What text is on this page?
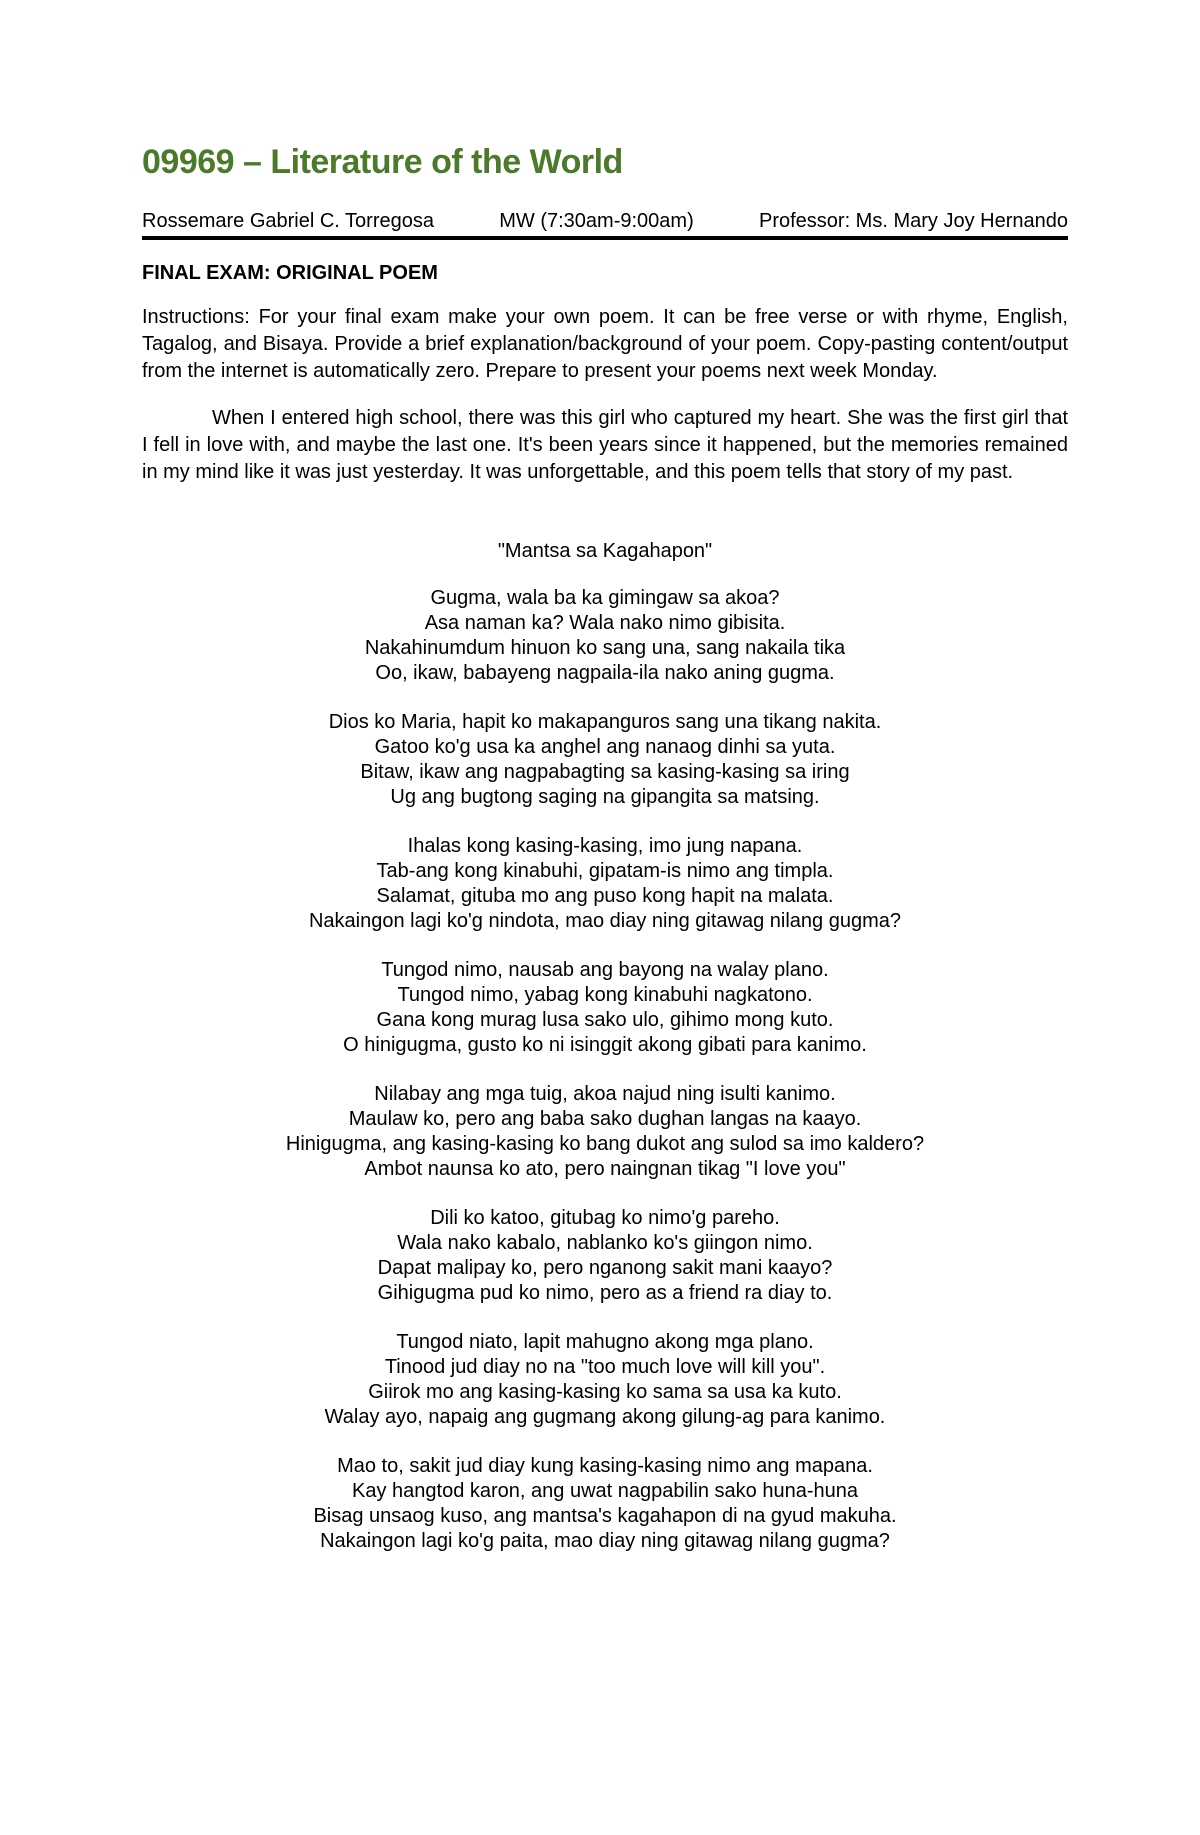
09969 – Literature of the World
Rossemare Gabriel C. Torregosa	MW (7:30am-9:00am)	Professor: Ms. Mary Joy Hernando
FINAL EXAM: ORIGINAL POEM

Instructions: For your final exam make your own poem. It can be free verse or with rhyme, English, Tagalog, and Bisaya. Provide a brief explanation/background of your poem. Copy-pasting content/output from the internet is automatically zero. Prepare to present your poems next week Monday.

When I entered high school, there was this girl who captured my heart. She was the first girl that I fell in love with, and maybe the last one. It's been years since it happened, but the memories remained in my mind like it was just yesterday. It was unforgettable, and this poem tells that story of my past.

"Mantsa sa Kagahapon"
Gugma, wala ba ka gimingaw sa akoa?
Asa naman ka? Wala nako nimo gibisita.
Nakahinumdum hinuon ko sang una, sang nakaila tika
Oo, ikaw, babayeng nagpaila-ila nako aning gugma.
Dios ko Maria, hapit ko makapanguros sang una tikang nakita.
Gatoo ko'g usa ka anghel ang nanaog dinhi sa yuta.
Bitaw, ikaw ang nagpabagting sa kasing-kasing sa iring
Ug ang bugtong saging na gipangita sa matsing.
Ihalas kong kasing-kasing, imo jung napana.
Tab-ang kong kinabuhi, gipatam-is nimo ang timpla.
Salamat, gituba mo ang puso kong hapit na malata.
Nakaingon lagi ko'g nindota, mao diay ning gitawag nilang gugma?
Tungod nimo, nausab ang bayong na walay plano.
Tungod nimo, yabag kong kinabuhi nagkatono.
Gana kong murag lusa sako ulo, gihimo mong kuto.
O hinigugma, gusto ko ni isinggit akong gibati para kanimo.
Nilabay ang mga tuig, akoa najud ning isulti kanimo.
Maulaw ko, pero ang baba sako dughan langas na kaayo.
Hinigugma, ang kasing-kasing ko bang dukot ang sulod sa imo kaldero?
Ambot naunsa ko ato, pero naingnan tikag "I love you"
Dili ko katoo, gitubag ko nimo'g pareho.
Wala nako kabalo, nablanko ko's giingon nimo.
Dapat malipay ko, pero nganong sakit mani kaayo?
Gihigugma pud ko nimo, pero as a friend ra diay to.
Tungod niato, lapit mahugno akong mga plano.
Tinood jud diay no na "too much love will kill you".
Giirok mo ang kasing-kasing ko sama sa usa ka kuto.
Walay ayo, napaig ang gugmang akong gilung-ag para kanimo.
Mao to, sakit jud diay kung kasing-kasing nimo ang mapana.
Kay hangtod karon, ang uwat nagpabilin sako huna-huna
Bisag unsaog kuso, ang mantsa's kagahapon di na gyud makuha.
Nakaingon lagi ko'g paita, mao diay ning gitawag nilang gugma?
